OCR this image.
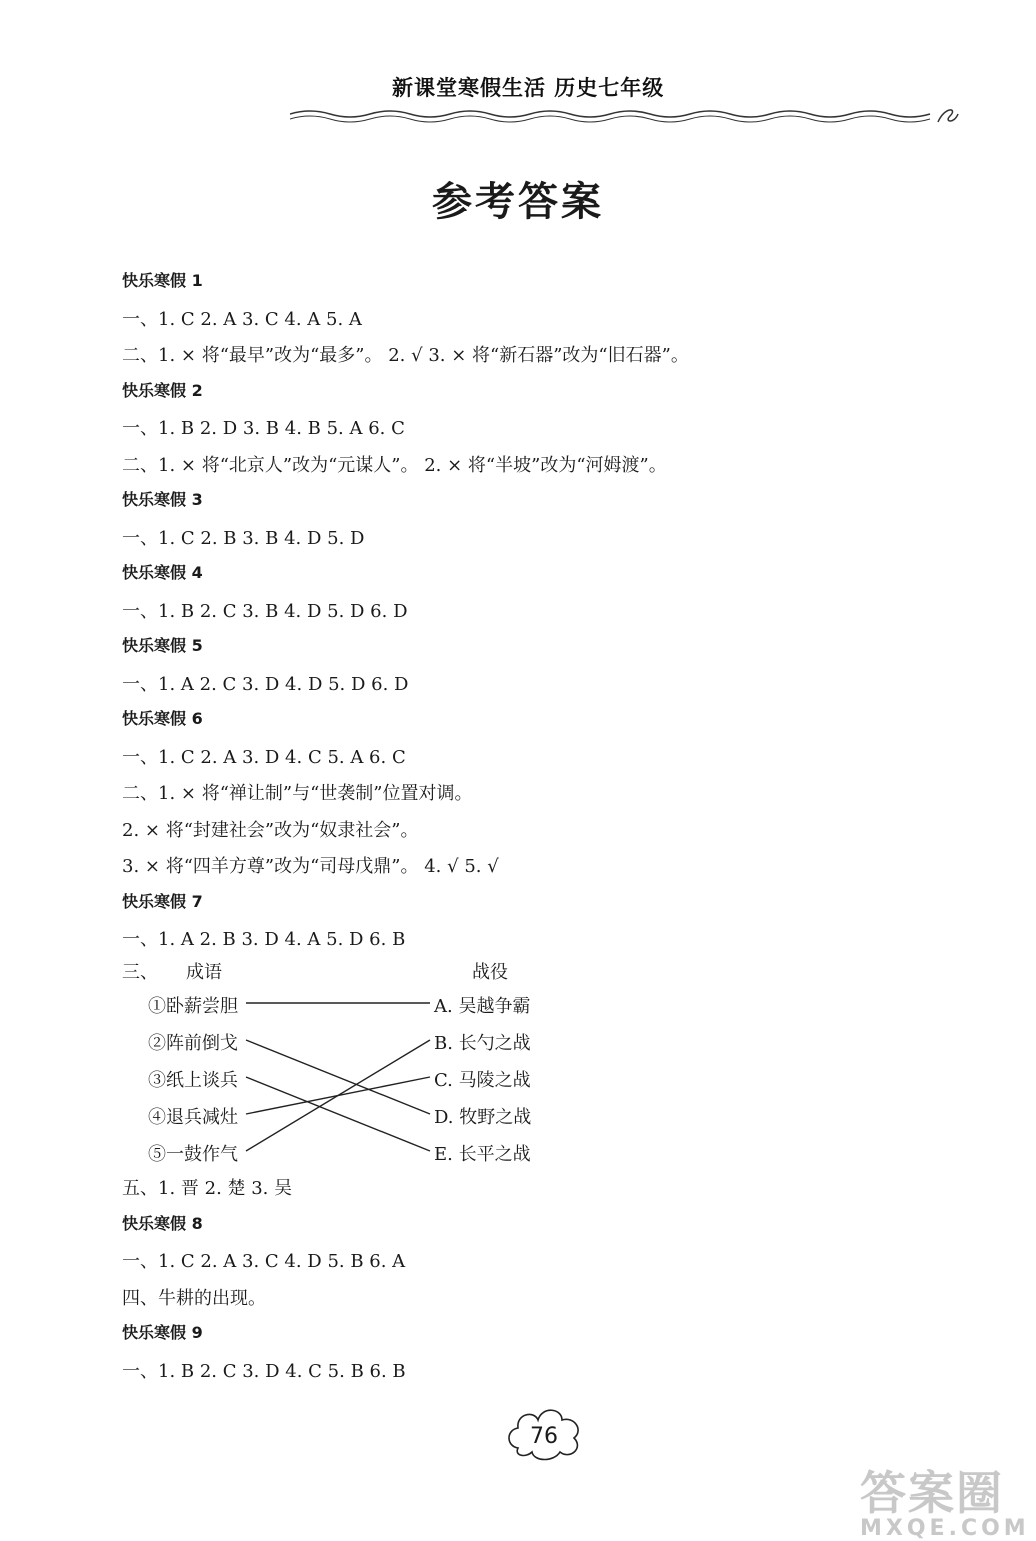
新课堂寒假生活 历史七年级
参考答案
快乐寒假 1
一、1. C 2. A 3. C 4. A 5. A
二、1. × 将“最早”改为“最多”。 2. √ 3. × 将“新石器”改为“旧石器”。
快乐寒假 2
一、1. B 2. D 3. B 4. B 5. A 6. C
二、1. × 将“北京人”改为“元谋人”。 2. × 将“半坡”改为“河姆渡”。
快乐寒假 3
一、1. C 2. B 3. B 4. D 5. D
快乐寒假 4
一、1. B 2. C 3. B 4. D 5. D 6. D
快乐寒假 5
一、1. A 2. C 3. D 4. D 5. D 6. D
快乐寒假 6
一、1. C 2. A 3. D 4. C 5. A 6. C
二、1. × 将“禅让制”与“世袭制”位置对调。
2. × 将“封建社会”改为“奴隶社会”。
3. × 将“四羊方尊”改为“司母戊鼎”。 4. √ 5. √
快乐寒假 7
一、1. A 2. B 3. D 4. A 5. D 6. B
三、 成语	战役
①卧薪尝胆
②阵前倒戈
③纸上谈兵
④退兵减灶
⑤一鼓作气
A. 吴越争霸
B. 长勺之战
C. 马陵之战
D. 牧野之战
E. 长平之战
五、1. 晋 2. 楚 3. 吴
快乐寒假 8
一、1. C 2. A 3. C 4. D 5. B 6. A
四、牛耕的出现。
快乐寒假 9
一、1. B 2. C 3. D 4. C 5. B 6. B
76
答案圈
MXQE.COM
